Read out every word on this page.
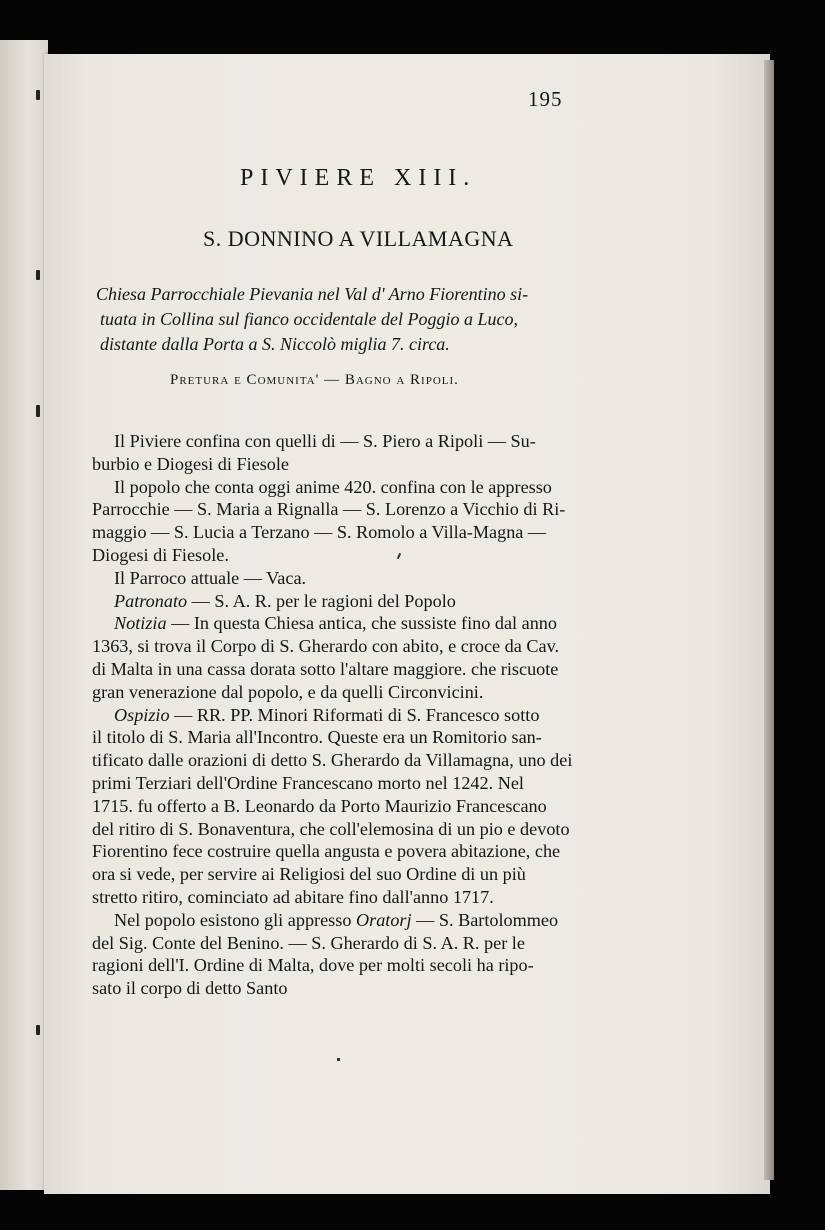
195
PIVIERE XIII.
S. DONNINO A VILLAMAGNA
Chiesa Parrocchiale Pievania nel Val d' Arno Fiorentino si-
tuata in Collina sul fianco occidentale del Poggio a Luco,
distante dalla Porta a S. Niccolò miglia 7. circa.
Pretura e Comunita' — Bagno a Ripoli.
Il Piviere confina con quelli di — S. Piero a Ripoli — Su-
burbio e Diogesi di Fiesole
Il popolo che conta oggi anime 420. confina con le appresso
Parrocchie — S. Maria a Rignalla — S. Lorenzo a Vicchio di Ri-
maggio — S. Lucia a Terzano — S. Romolo a Villa-Magna —
Diogesi di Fiesole.
Il Parroco attuale — Vaca.
Patronato — S. A. R. per le ragioni del Popolo
Notizia — In questa Chiesa antica, che sussiste fino dal anno
1363, si trova il Corpo di S. Gherardo con abito, e croce da Cav.
di Malta in una cassa dorata sotto l'altare maggiore. che riscuote
gran venerazione dal popolo, e da quelli Circonvicini.
Ospizio — RR. PP. Minori Riformati di S. Francesco sotto
il titolo di S. Maria all'Incontro. Queste era un Romitorio san-
tificato dalle orazioni di detto S. Gherardo da Villamagna, uno dei
primi Terziari dell'Ordine Francescano morto nel 1242. Nel
1715. fu offerto a B. Leonardo da Porto Maurizio Francescano
del ritiro di S. Bonaventura, che coll'elemosina di un pio e devoto
Fiorentino fece costruire quella angusta e povera abitazione, che
ora si vede, per servire ai Religiosi del suo Ordine di un più
stretto ritiro, cominciato ad abitare fino dall'anno 1717.
Nel popolo esistono gli appresso Oratorj — S. Bartolommeo
del Sig. Conte del Benino. — S. Gherardo di S. A. R. per le
ragioni dell'I. Ordine di Malta, dove per molti secoli ha ripo-
sato il corpo di detto Santo
